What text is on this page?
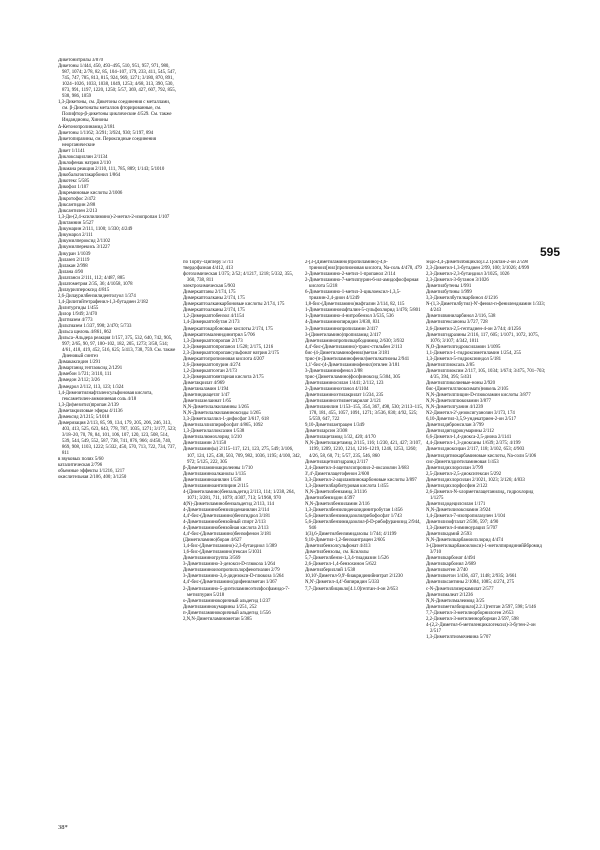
595
Дикетонитрилы 3/870
Дикетоны 1/444, 450, 493–495, 510, 951, 957, 971, 980, 987, 1074; 2/78, 82, 85, 104–107, 179, 233, 411, 545, 547, 745, 747, 785, 813, 815, 924, 969, 1271; 3/180, 870, 891, 1024–1026, 1033, 1038, 1049, 1253; 4/68, 313, 390, 530, 873, 991, 1197, 1220, 1250; 5/57, 369, 427, 607, 792, 855, 938, 986, 1059
1,3-Дикетоны, см. Дикетоны соединения с металлами, см. β-Дикетонаты металлов фторированные, см. Полифтор-β-дикетоны циклические 4/529. См. также Индандионы, Хиноны
Δ-Кетонопролинамид 2/181
Дикетоны 1/1162; 3/291; 3/924, 930; 5/197, 894
Дикетопиразины, см. Пероксидные соединения неорганические
Дикет 1/1141
Диклоксациллин 2/1134
Диклофенак натрия 2/110
Дикмана реакция 2/110, 111, 785, 889; 1/143; 5/1010
Дикобальтоктакарбонил 1/864
Дикотекс 5/585
Дикофол 1/107
Дикреминовые кислоты 2/1006
Дикротофос 2/472
Диксантидин 2/88
Диксантилен 2/213
1,3-Ди-(2,4-ксилилимино)-2-метил-2-изопропан 1/107
Диктамнин 5/527
Дикумарин 2/111, 1100; 1/330; 4/249
Дикумарол 2/111
Дикумилпероксид 2/1102
Дикумилперекись 3/1227
Дикуран 1/1039
Дилазеп 2/1119
Дилакан 2/998
Дилана 4/90
Дилатанси 2/111, 112; 4/487, 885
Дилатометрия 2/35, 36; 4/1058, 1078
Дилаурилпероксид 4/815
2,6-Дилаурилбензилидентолуол 1/374
1,4-Дилитийтетрафенил-1,3-бутадиен 2/182
Дилитургиды 1/455
Дилор 1/949; 2/470
Дилтиазем 4/773
Дильтиазем 1/337, 998; 2/470; 5/733
Дильса щелочь 4/861, 862
Дильса–Альдера реакция 1/157, 375, 532, 640, 742, 905, 997; 2/65, 90, 97, 100–102, 182, 205, 1273; 3/58, 514; 4/61, 418, 419, 452, 516, 625; 5/413, 738, 759. См. также Диеновый синтез
Димакаксидин 1/291
Димартанид гептаоксид 2/1291
Димебон 1/721; 3/110, 111
Димедон 2/112; 3/26
Димедрол 2/112, 113, 123; 1/324
1,4-Димезитилнафталенсульфоновая кислота, гексаметилен-аммониевая соль 4/18
1,3-Ди(мезитил)пропан 2/139
Диметакриловые эфиры 4/1136
Димексид 2/1215; 5/1018
Димеризация 2/113, 85, 99, 134, 179, 205, 206, 246, 313, 403, 413, 525, 623, 643, 778, 787, 1035, 1271; 3/177, 523; 3/18–20, 70, 78, 84, 101, 106, 107, 120, 123, 508, 514, 539, 544, 549, 552, 587, 738, 741, 876, 966; 4/450, 740, 869, 908, 1103, 1222; 5/332, 450, 570, 713, 722, 734, 737, 811
в звуковых полях 5/60
каталитическая 2/796
объемные эффекты 1/1216, 1217
окислительная 2/106, 400; 3/1250
по Торпу–Циглеру 5/711
твердофазная 4/412, 413
фотохимическая 1/375; 2/52; 4/1217, 1218; 5/332, 355, 360, 738, 811
электрохимическая 5/903
Димеркаптаны 2/174, 175
Димеркаптоалканы 2/174, 175
Димеркаптоалканкарбоновые кислоты 2/174, 175
Димеркаптоалканы 2/174, 175
1,2-Димеркаптобензол 4/1154
1,4-Димеркаптобутан 2/173
Димеркаптокарбоновые кислоты 2/174, 175
Димеркаптомалеиндинитрил 5/706
1,3-Димеркаптопропан 2/173
2,3-Димеркаптопропанол 1/528; 2/175, 1216
2,3-Димеркаптопропансульфонат натрия 2/175
Димеркаптопропионовая кислота 4/207
2,6-Димеркаптопурин 4/274
1,2-Димеркаптоэтан 2/173
2,3-Димеркаптоянтарная кислота 2/175
Диметакрилат 4/969
Диметаналамин 1/194
Диметиндиацетат 1/47
Диметилазелаинат 1/65
N,N-Диметилалкиламины 1/265
N,N-Диметилалкиламиноксиды 1/265
3,3-Диметилаллил-1-дифосфат 3/617, 618
Диметилаллилпирофосфат 4/865, 1092
1,3-Диметилаллоксазин 1/538
Диметилалюмохлорид 1/210
Диметиламин 2/1150
Диметиламин(ы) 2/115–117, 121, 123, 275, 549; 3/106, 107, 124, 125, 438, 503, 709, 982, 1036, 1195; 4/100, 342, 972; 5/125, 222, 305
β-Диметиламиноакролеины 1/710
Диметиламиноалканолы 1/135
Диметиламиноанилин 1/538
Диметиламиноантипирин 2/115
4-(Диметиламино)бензальдегид 2/113, 114; 1/238, 264, 1071; 3/281, 711, 1079; 4/307, 713; 5/1968, 970
4(N)-Диметиламинобензальдегид 2/113, 114
4-Диметиламинобензилиденанилин 2/114
4,4'-бис-(Диметиламино)бензгидрол 3/181
4-Диметиламинобензойный спирт 2/113
4-Диметиламинобензойная кислота 2/113
4,4'-бис-(Диметиламино)бензофенон 3/181
(Диметиламино)боран 4/627
1,4-бис-(Диметиламино)-2,3-бутандиол 1/389
1,6-бис-(Диметиламино)гексан 5/1031
Диметиламиногруппа 3/569
3-Диметиламино-3-дезокси-D-глюкоза 1/264
Диметиламиноизопропилхлорфенотиазин 2/79
3-Диметиламино-3,4-дидезокси-D-глюкоза 1/264
4,4'-бис-(Диметиламино)дифенилметан 1/367
2-Диметиламино-5-диэтиламиноэтилфосфамидо-7-метилпурин 5/218
о-Диметиламинокоричный альдегид 1/237
Диметиламинокумарины 1/251, 252
п-Диметиламинокоричный альдегид 1/556
2,N,N-Диметиламинометан 5/385
2-[3-(Диметиламино)пропиламино]-4,6-триноил[нил]пропионовая кислота, Na-соль 4/478, 479
2-Диметиламино-2-метил-1-пропанол 2/114
2-Диметиламино-7-метилпурин-6-ил-амидофосфорная кислота 5/218
6-Диметиламино-1-метил-3-циклоексил-1,3,5-триазин-2,4-дион 4/1249
1,8-бис-(Диметиламино)нафталин 2/114, 82, 115
1-Диметиламинонафталин-5-сульфохлорид 1/476; 5/801
1-Диметиламино-4-нитробензол 3/535, 536
4-Диметиламинопиридин 3/830, 831
3-Диметиламинопропиламин 2/417
3-(Диметиламино)пропиламид 2/417
Диметиламинопропилкарбодиимид 2/630; 3/932
4,4'-бис-(Диметиламино)-транс-стильбен 2/113
бис-(4-Диметиламинофенил)метан 3/181
трис-(п-Диметиламинофенил)метилкатионы 2/941
1,1'-бис-(4-Диметиламинофенил)этилен 3/181
3-Диметиламинофенол 2/88
трис-(Диметиламино)фосфиноксид 5/304, 305
Диметиламиносилан 1/441; 2/112, 123
2-Диметиламиноэтанол 4/1104
Диметиламиноэтилакрилат 1/234, 235
Диметиламиноэтилметакрилат 2/121
Диметиланилин 1/153–155, 354, 367, 498, 530; 2/113–115, 178, 181, 455, 1057, 1091, 1271; 3/536, 830; 4/92, 525; 5/559, 647, 722
9,10-Диметилантрацен 1/349
Диметиларсин 3/308
Диметилацетамид 1/32, 420; 4/170
N,N-Диметилацетамид 2/115, 116; 1/230, 421, 427; 3/107, 1199, 1209, 1210, 1214, 1216–1219, 1246, 1253, 1260; 4/26, 58, 60, 71; 5/57, 235, 546, 860
Диметилацетилгидразид 2/117
2,4-Диметил-4-ацетилсопропил-2-оксазолин 3/683
3',4'-Диметилацетофенон 2/600
3,3-Диметил-2-ацилампинокарбоновые кислоты 3/897
1,3-Диметилбарбитуровая кислота 1/455
N,N-Диметилбензамид 3/1116
Диметилбензидин 4/397
N,N-Диметилбензиламин 2/116
1,3-Диметилбензилиденазидинитробутан 1/456
5,6-Диметилбензимидазолилрибофосфат 1/743
5,6-Диметилбензимидазолил-β-D-рибофуранозид 2/944, 946
1(3),6-Диметилбензимидазолы 1/744; 4/1199
9,10-Диметил-1,2-бензоантрацен 2/605
Диметилбензолсульфонат 4/413
Диметилбензолы, см. Ксилолы
5,7-Диметилбензо-1,3,4-тиадиазин 1/526
2,6-Диметил-1,4-бензохинон 5/622
Диметилбериллий 1/538
10,10'-Диметил-9,9'-биакридинийнитрат 2/1230
N,N'-Диметил-4,4'-бипиридин 5/333
7,7-Диметилбицикло[4.1.0]гептан-4-он 2/653
эндо-4,4-Диметилбицикло[3.2.1]октан-2-он 2/598
2,3-Диметил-1,3-бутадиен 2/99, 100; 3/1026; 4/999
2,3-Диметил-2,3-бутандиол 3/1025, 1026
2,3-Диметил-3-бутанон 3/1026
Диметилбутены 1/991
Диметилбутины 1/999
3,3-Диметилбутилкарбинол 4/1216
N-(1,3-Диметилбутил)-N'-фенил-п-фенилендиамин 1/333; 4/243
Диметилвиниларбинол 2/116, 538
Диметилгексаноны 3/727, 728
2,6-Диметил-2,5-гептадиен-4-он 2/744; 4/1256
Диметилгидразины 2/116, 117, 605; 1/1071, 1072, 1075, 1076; 3/107; 4/342, 1011
N,O-Диметилгидроксиламин 1/1095
1,1-Диметил-1-гидроксиметиламин 1/254, 255
1,3-Диметил-5-гидроксииндол 5/181
Диметилглиоксаль 2/85
Диметилглиоксим 2/117, 105, 1034; 1/674; 3/475, 701–703; 4/35, 394, 395; 5/431
Диметилгликолиевые-ноны 2/920
бис-(Диметилглиоксимато)никель 2/105
N,N-Диметилглицин-D-глюкозамин кислоты 3/877
N,N-Диметилглюкозамин 3/877
N,N-Диметилгуанин 4/1239
N2-Диметил-2'-дезоксигуанозин 3/173, 174
6,10-Диметил-3,5,9-ундекатриен-2-он 2/517
Диметилдибромсилан 3/799
Диметилдигидрокумарины 2/112
6,6-Диметил-1,4-диокса-2,5-диона 2/1141
4,4-Диметил-1,3-диоксаны 1/639; 2/375; 4/199
Диметилдиоксиран 2/117, 118; 3/102, 653; 4/903
Диметилдитиокарбаминовые кислоты, Na-соли 5/106
сис-Диметилдиэтиламиновая 1/453
Диметилдихлорсилан 3/799
2,5-Диметил-2,5-диоксигексан 5/292
Диметилдихлорсилан 2/1021, 1023; 3/126; 4/833
Диметилдихлорфосфин 2/122
2,6-Диметил-N-хлорметилацетанилид, гидрохлорид 1/1275
Диметилдодецилсилан 1/171
N,N-Диметилизоксиамин 3/924
1,4-Диметил-7-изопропилазулен 1/104
Диметилизофталат 2/596, 597; 4/90
1,3-Диметил-4-иминоурацил 5/707
Диметилкадмий 2/593
N,N-Диметилкарбамоилхлорид 4/474
3-(Диметилкарбамоилокси)-1-метилпиридиниййбромид 3/710
Диметилкарбонат 4/494
Диметилкарбонил 2/689
Диметилкетен 2/740
Диметилкетон 1/436, 437, 1148; 2/935; 3/661
Диметилксантины 2/1084, 1085; 4/274, 275
с-N-Диметиллизеркамилат 2/577
Диметилмалеат 2/1236
N,N-Диметилмалеимид 3/25
Диметилметилбицикло[2.2.1]гептан 2/597, 598; 5/146
7,7-Диметил-3-метилнорборнилоген 2/653
2,2-Диметил-3-метиленнорборнан 2/597, 598
4-(2,2-Диметил-6-метиленциклогексил)-3-бутен-2-он 2/517
1,3-Диметилтиомочевина 5/707
38*
